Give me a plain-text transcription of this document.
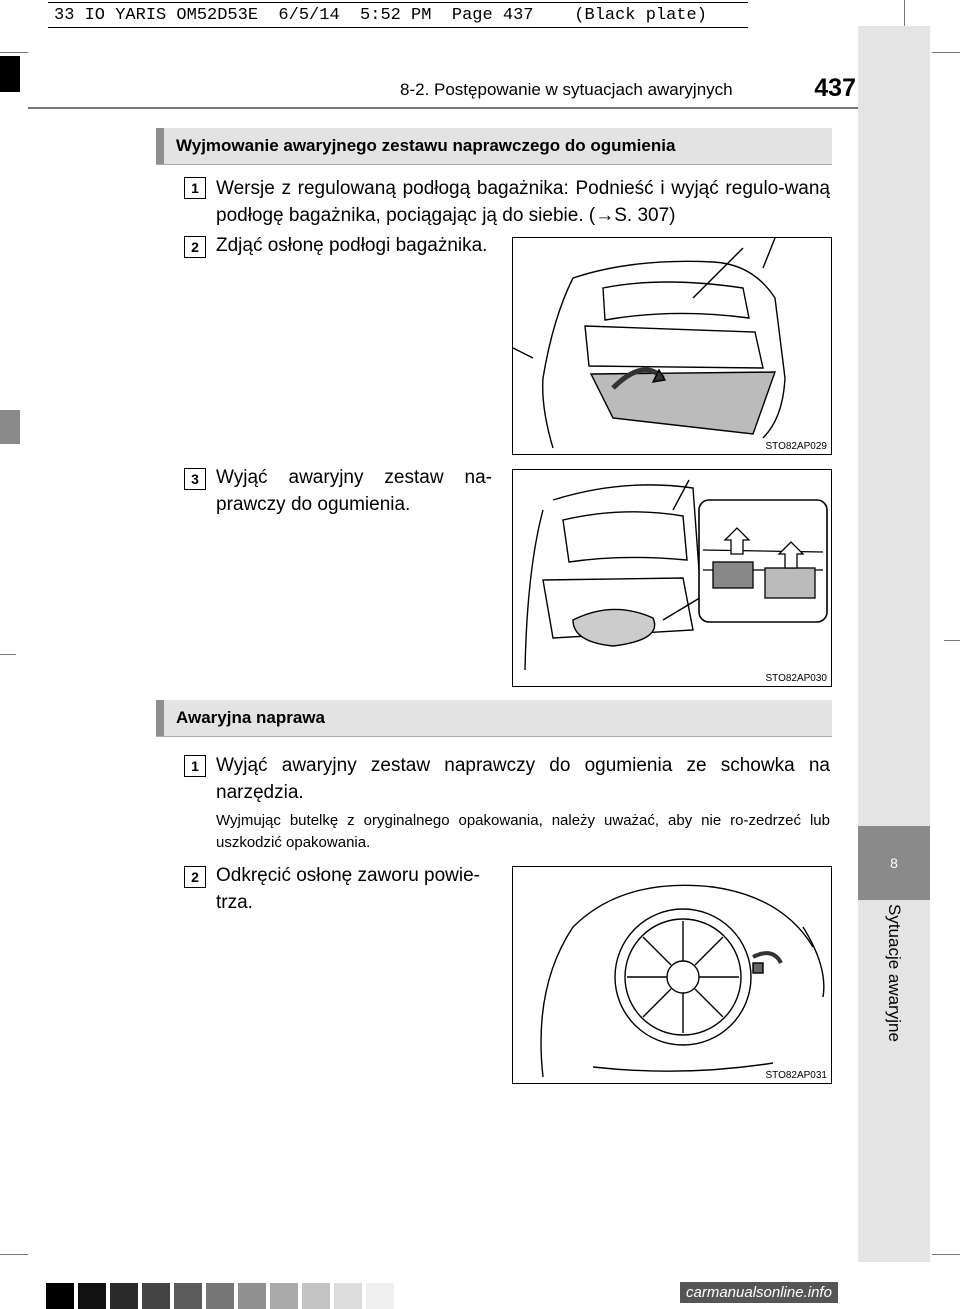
33 IO YARIS OM52D53E  6/5/14  5:52 PM  Page 437    (Black plate)
8
Sytuacje awaryjne
8-2. Postępowanie w sytuacjach awaryjnych	437
Wyjmowanie awaryjnego zestawu naprawczego do ogumienia
1 Wersje z regulowaną podłogą bagażnika: Podnieść i wyjąć regulo-waną podłogę bagażnika, pociągając ją do siebie. (→S. 307)
2 Zdjąć osłonę podłogi bagażnika.
STO82AP029
3 Wyjąć awaryjny zestaw na-prawczy do ogumienia.
STO82AP030
Awaryjna naprawa
1 Wyjąć awaryjny zestaw naprawczy do ogumienia ze schowka na narzędzia.
Wyjmując butelkę z oryginalnego opakowania, należy uważać, aby nie ro-zedrzeć lub uszkodzić opakowania.
2 Odkręcić osłonę zaworu powie-trza.
STO82AP031
carmanualsonline.info
